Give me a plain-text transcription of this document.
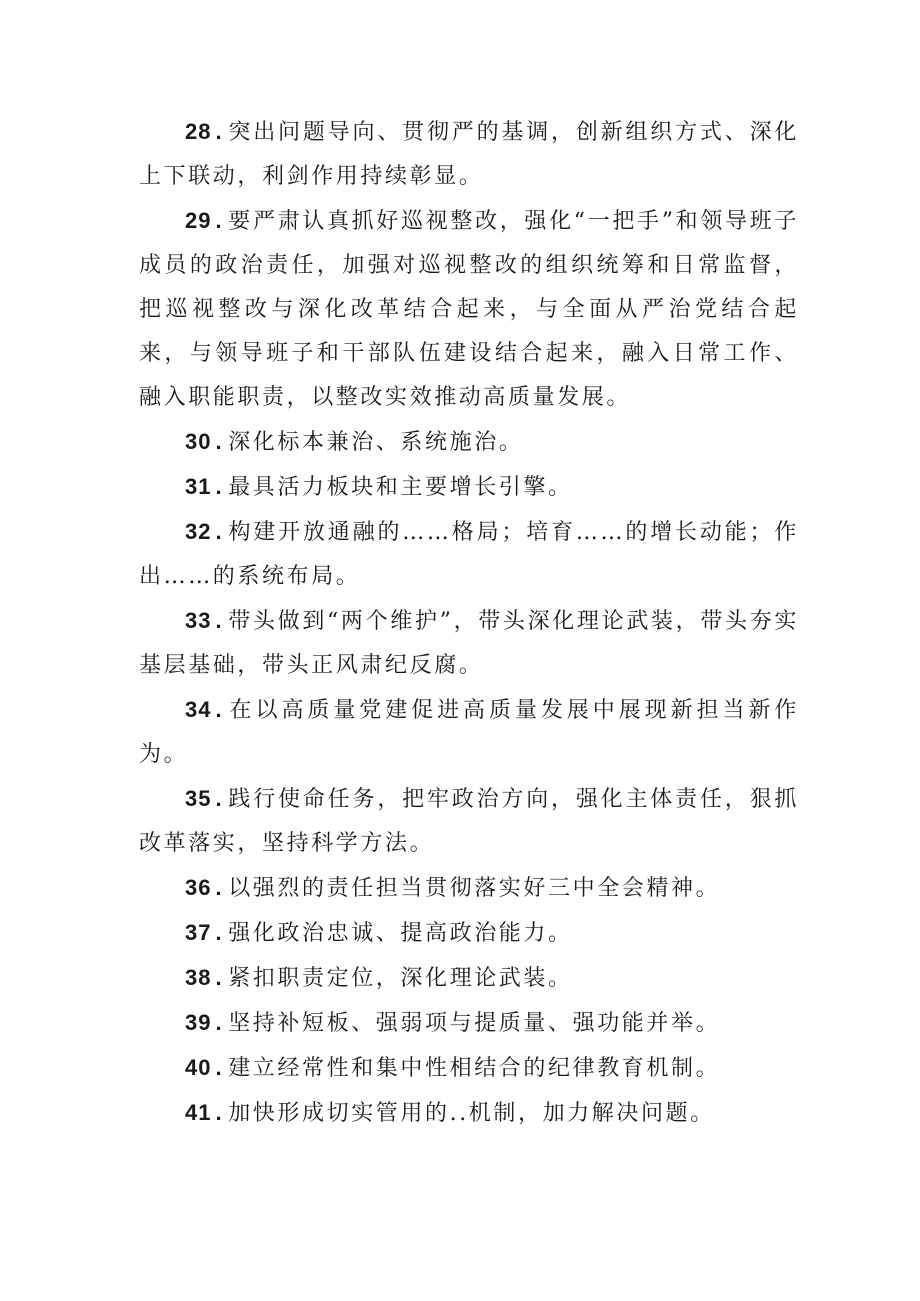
28 . 突出问题导向、贯彻严的基调，创新组织方式、深化上下联动，利剑作用持续彰显。

29 . 要严肃认真抓好巡视整改，强化“一把手”和领导班子成员的政治责任，加强对巡视整改的组织统筹和日常监督，把巡视整改与深化改革结合起来，与全面从严治党结合起来，与领导班子和干部队伍建设结合起来，融入日常工作、融入职能职责，以整改实效推动高质量发展。

30 . 深化标本兼治、系统施治。

31 . 最具活力板块和主要增长引擎。

32 . 构建开放通融的……格局；培育……的增长动能；作出……的系统布局。

33 . 带头做到“两个维护”，带头深化理论武装，带头夯实基层基础，带头正风肃纪反腐。

34 . 在以高质量党建促进高质量发展中展现新担当新作为。

35 . 践行使命任务，把牢政治方向，强化主体责任，狠抓改革落实，坚持科学方法。

36 . 以强烈的责任担当贯彻落实好三中全会精神。

37 . 强化政治忠诚、提高政治能力。

38 . 紧扣职责定位，深化理论武装。

39 . 坚持补短板、强弱项与提质量、强功能并举。

40 . 建立经常性和集中性相结合的纪律教育机制。

41 . 加快形成切实管用的..机制，加力解决问题。
